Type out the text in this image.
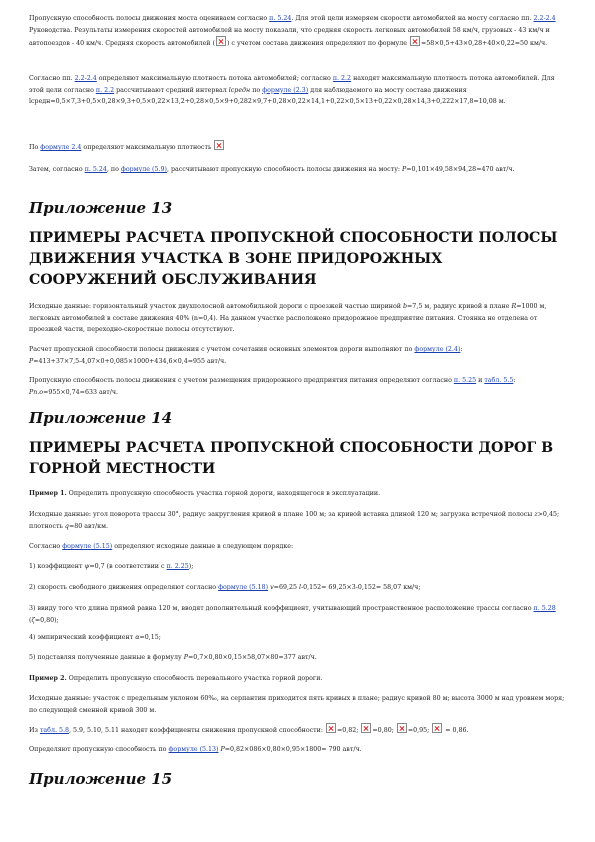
Пропускную способность полосы движения моста оцениваем согласно п. 5.24. Для этой цели измеряем скорости автомобилей на мосту согласно пп. 2.2-2.4 Руководства. Результаты измерения скоростей автомобилей на мосту показали, что средняя скорость легковых автомобилей 58 км/ч, грузовых - 43 км/ч и автопоездов - 40 км/ч. Средняя скорость автомобилей ( ) с учетом состава движения определяют по формуле =58×0,5+43×0,28+40×0,22=50 км/ч.

Согласно пп. 2.2-2.4 определяют максимальную плотность потока автомобилей; согласно п. 2.2 находят максимальную плотность потока автомобилей. Для этой цели согласно п. 2.2 рассчитывают средний интервал lсредн по формуле (2.3) для наблюдаемого на мосту состава движения
lсредн=0,5×7,3+0,5×0,28×9,3+0,5×0,22×13,2+0,28×0,5×9+0,282×9,7+0,28×0,22×14,1+0,22×0,5×13+0,22×0,28×14,3+0,222×17,8=10,08 м.

По формуле 2.4 определяют максимальную плотность

Затем, согласно п. 5.24, по формуле (5.9), рассчитывают пропускную способность полосы движения на мосту: P=0,101×49,58×94,28=470 авт/ч.

Приложение 13
ПРИМЕРЫ РАСЧЕТА ПРОПУСКНОЙ СПОСОБНОСТИ ПОЛОСЫ ДВИЖЕНИЯ УЧАСТКА В ЗОНЕ ПРИДОРОЖНЫХ СООРУЖЕНИЙ ОБСЛУЖИВАНИЯ

Исходные данные: горизонтальный участок двухполосной автомобильной дороги с проезжей частью шириной b=7,5 м, радиус кривой в плане R=1000 м, легковых автомобилей в составе движения 40% (n=0,4). На данном участке расположено придорожное предприятие питания. Стоянка не отделена от проезжей части, переходно-скоростные полосы отсутствуют.

Расчет пропускной способности полосы движения с учетом сочетания основных элементов дороги выполняют по формуле (2.4):
P=413+37×7,5-4,07×0+0,085×1000+434,6×0,4=955 авт/ч.

Пропускную способность полосы движения с учетом размещения придорожного предприятия питания определяют согласно п. 5.25 и табл. 5.5: Pп.о=955×0,74=633 авт/ч.

Приложение 14
ПРИМЕРЫ РАСЧЕТА ПРОПУСКНОЙ СПОСОБНОСТИ ДОРОГ В ГОРНОЙ МЕСТНОСТИ

Пример 1. Определить пропускную способность участка горной дороги, находящегося в эксплуатации.

Исходные данные: угол поворота трассы 30°, радиус закругления кривой в плане 100 м; за кривой вставка длиной 120 м; загрузка встречной полосы z>0,45; плотность q=80 авт/км.

Согласно формуле (5.15) определяют исходные данные в следующем порядке:

1) коэффициент ψ=0,7 (в соответствии с п. 2.25);

2) скорость свободного движения определяют согласно формуле (5.18) v=69,25 l-0,152= 69,25×3-0,152= 58,07 км/ч;

3) ввиду того что длина прямой равна 120 м, вводят дополнительный коэффициент, учитывающий пространственное расположение трассы согласно п. 5.28 (ζ=0,80);

4) эмпирический коэффициент α=0,15;

5) подставляя полученные данные в формулу P=0,7×0,80×0,15×58,07×80=377 авт/ч.

Пример 2. Определить пропускную способность перевального участка горной дороги.

Исходные данные: участок с предельным уклоном 60‰, на серпантин приходится пять кривых в плане; радиус кривой 80 м; высота 3000 м над уровнем моря; по следующей сменной кривой 300 м.

Из табл. 5.8, 5.9, 5.10, 5.11 находят коэффициенты снижения пропускной способности: =0,82; =0,80; =0,95;  = 0,86.

Определяют пропускную способность по формуле (5.13) P=0,82×086×0,80×0,95×1800= 790 авт/ч.

Приложение 15
